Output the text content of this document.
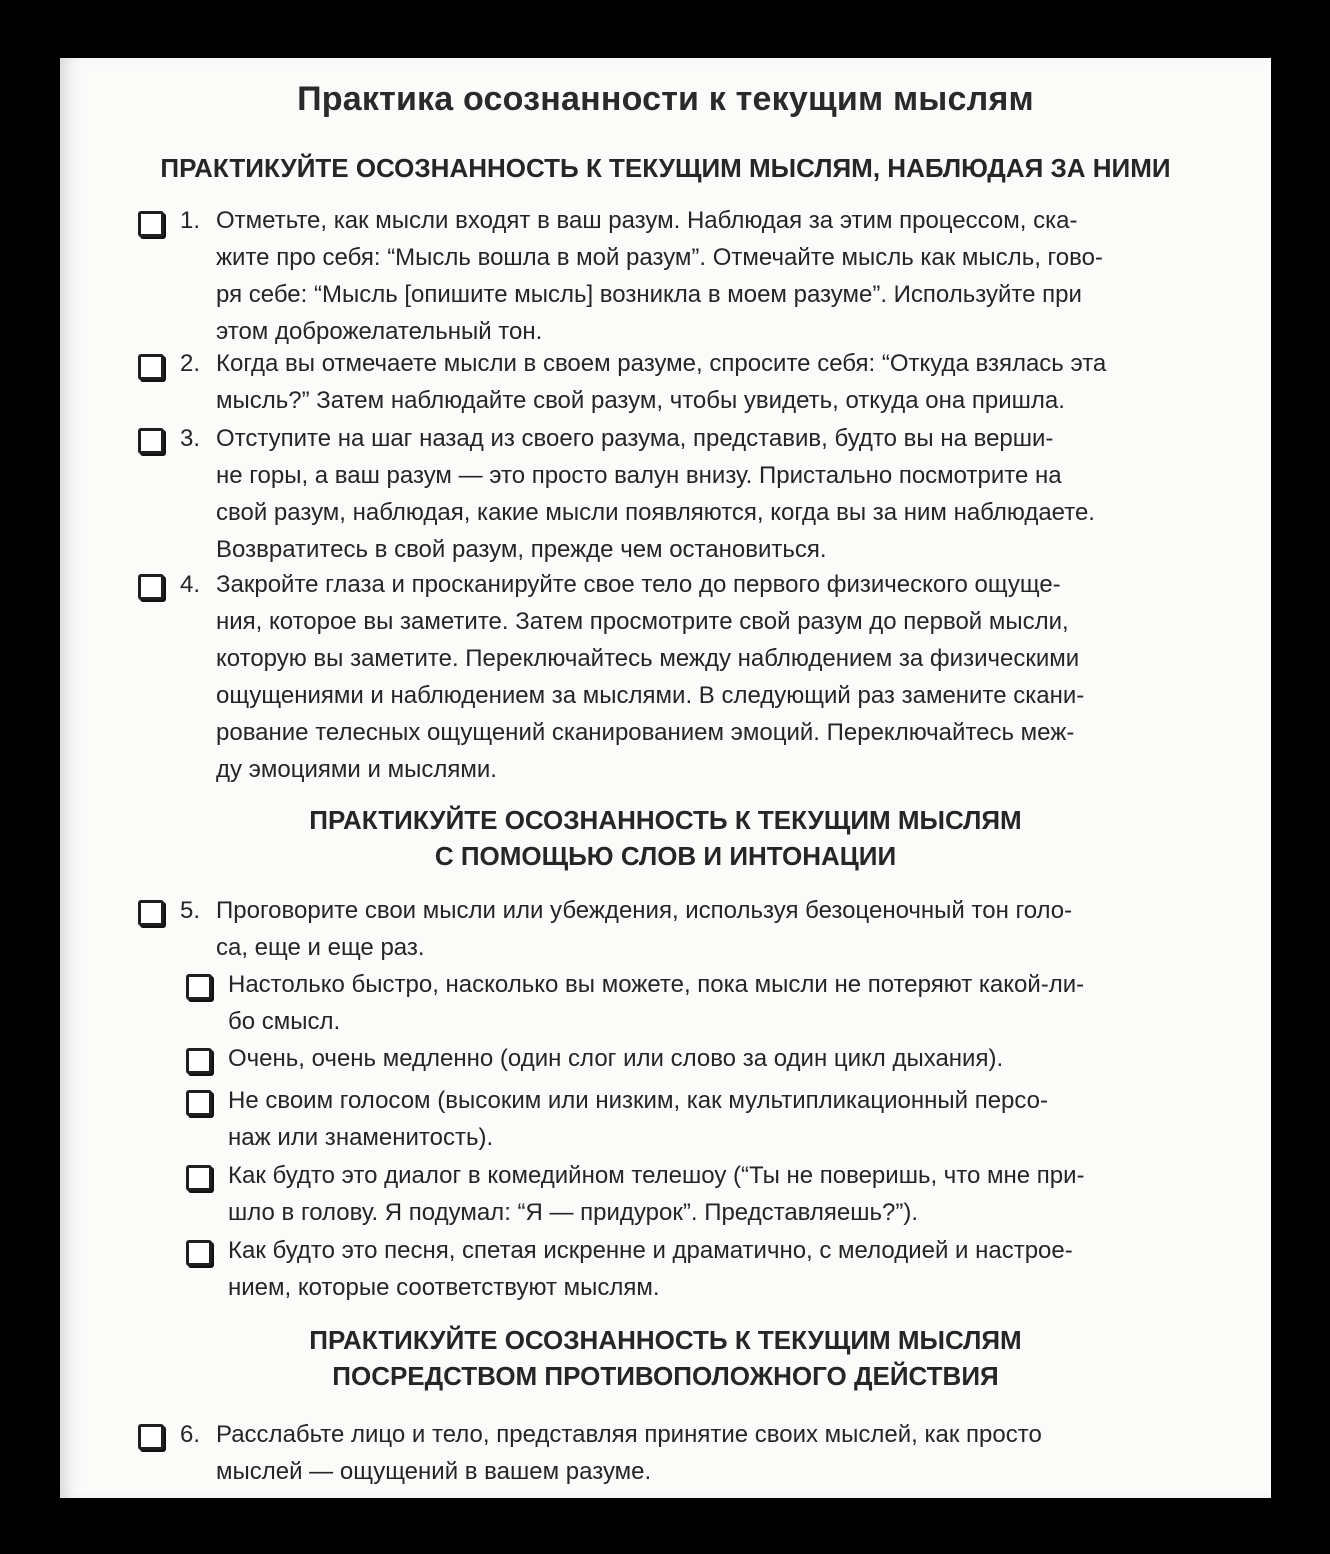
Практика осознанности к текущим мыслям
ПРАКТИКУЙТЕ ОСОЗНАННОСТЬ К ТЕКУЩИМ МЫСЛЯМ, НАБЛЮДАЯ ЗА НИМИ
1. Отметьте, как мысли входят в ваш разум. Наблюдая за этим процессом, ска-
жите про себя: “Мысль вошла в мой разум”. Отмечайте мысль как мысль, гово-
ря себе: “Мысль [опишите мысль] возникла в моем разуме”. Используйте при
этом доброжелательный тон.
2. Когда вы отмечаете мысли в своем разуме, спросите себя: “Откуда взялась эта
мысль?” Затем наблюдайте свой разум, чтобы увидеть, откуда она пришла.
3. Отступите на шаг назад из своего разума, представив, будто вы на верши-
не горы, а ваш разум — это просто валун внизу. Пристально посмотрите на
свой разум, наблюдая, какие мысли появляются, когда вы за ним наблюдаете.
Возвратитесь в свой разум, прежде чем остановиться.
4. Закройте глаза и просканируйте свое тело до первого физического ощуще-
ния, которое вы заметите. Затем просмотрите свой разум до первой мысли,
которую вы заметите. Переключайтесь между наблюдением за физическими
ощущениями и наблюдением за мыслями. В следующий раз замените скани-
рование телесных ощущений сканированием эмоций. Переключайтесь меж-
ду эмоциями и мыслями.
ПРАКТИКУЙТЕ ОСОЗНАННОСТЬ К ТЕКУЩИМ МЫСЛЯМ
С ПОМОЩЬЮ СЛОВ И ИНТОНАЦИИ
5. Проговорите свои мысли или убеждения, используя безоценочный тон голо-
са, еще и еще раз.
Настолько быстро, насколько вы можете, пока мысли не потеряют какой-ли-
бо смысл.
Очень, очень медленно (один слог или слово за один цикл дыхания).
Не своим голосом (высоким или низким, как мультипликационный персо-
наж или знаменитость).
Как будто это диалог в комедийном телешоу (“Ты не поверишь, что мне при-
шло в голову. Я подумал: “Я — придурок”. Представляешь?”).
Как будто это песня, спетая искренне и драматично, с мелодией и настрое-
нием, которые соответствуют мыслям.
ПРАКТИКУЙТЕ ОСОЗНАННОСТЬ К ТЕКУЩИМ МЫСЛЯМ
ПОСРЕДСТВОМ ПРОТИВОПОЛОЖНОГО ДЕЙСТВИЯ
6. Расслабьте лицо и тело, представляя принятие своих мыслей, как просто
мыслей — ощущений в вашем разуме.
